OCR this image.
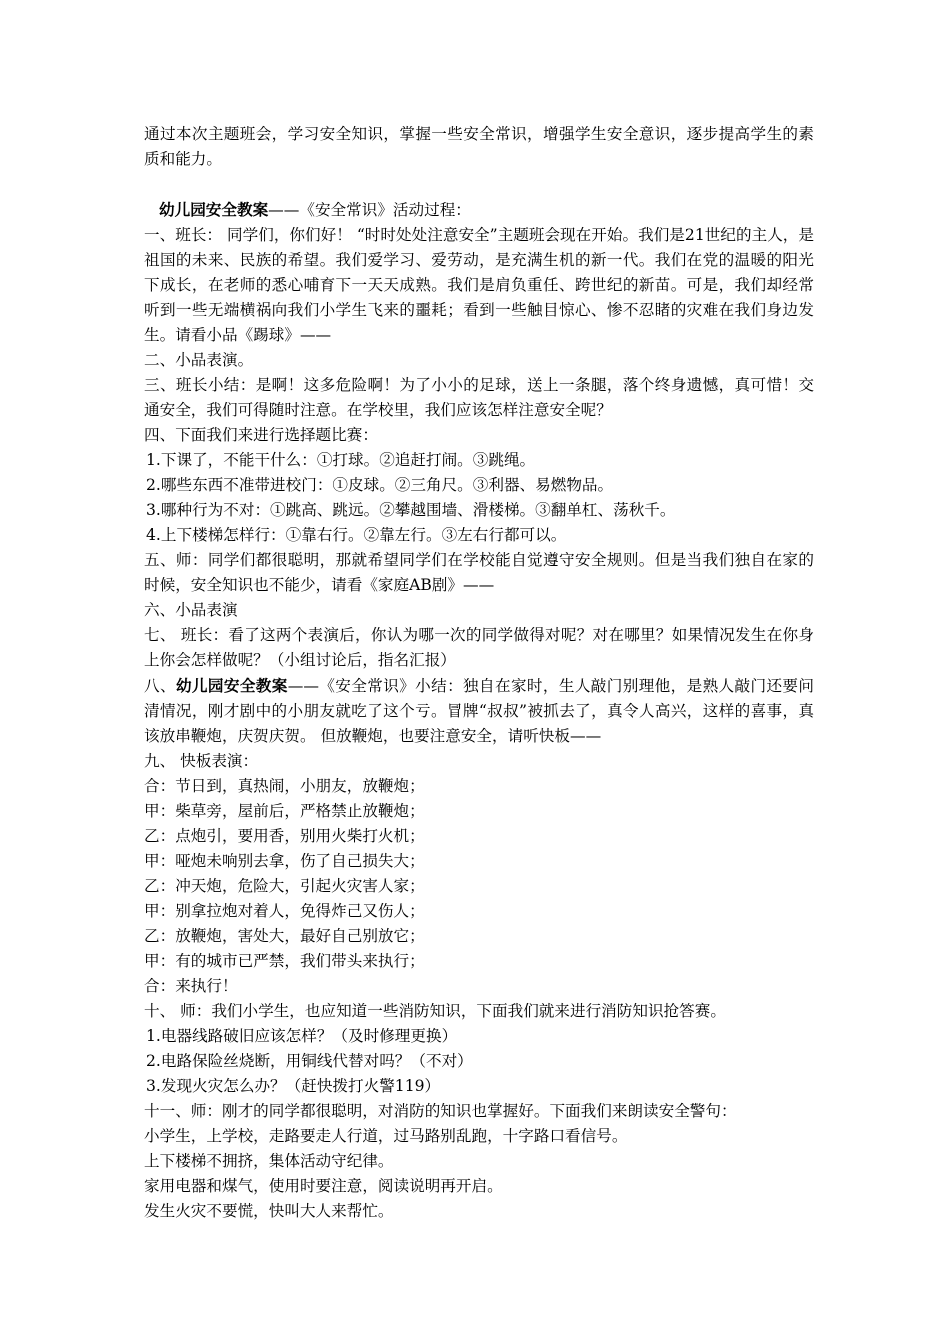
通过本次主题班会，学习安全知识，掌握一些安全常识，增强学生安全意识，逐步提高学生的素质和能力。

幼儿园安全教案——《安全常识》活动过程：

一、班长： 同学们，你们好！ “时时处处注意安全”主题班会现在开始。我们是21世纪的主人，是祖国的未来、民族的希望。我们爱学习、爱劳动，是充满生机的新一代。我们在党的温暖的阳光下成长，在老师的悉心哺育下一天天成熟。我们是肩负重任、跨世纪的新苗。可是，我们却经常听到一些无端横祸向我们小学生飞来的噩耗；看到一些触目惊心、惨不忍睹的灾难在我们身边发生。请看小品《踢球》——

二、小品表演。

三、班长小结：是啊！这多危险啊！为了小小的足球，送上一条腿，落个终身遗憾，真可惜！交通安全，我们可得随时注意。在学校里，我们应该怎样注意安全呢？

四、下面我们来进行选择题比赛：

1.下课了，不能干什么：①打球。②追赶打闹。③跳绳。

2.哪些东西不准带进校门：①皮球。②三角尺。③利器、易燃物品。

3.哪种行为不对：①跳高、跳远。②攀越围墙、滑楼梯。③翻单杠、荡秋千。

4.上下楼梯怎样行：①靠右行。②靠左行。③左右行都可以。

五、师：同学们都很聪明，那就希望同学们在学校能自觉遵守安全规则。但是当我们独自在家的时候，安全知识也不能少，请看《家庭AB剧》——

六、小品表演

七、 班长：看了这两个表演后，你认为哪一次的同学做得对呢？对在哪里？如果情况发生在你身上你会怎样做呢？（小组讨论后，指名汇报）

八、幼儿园安全教案——《安全常识》小结：独自在家时，生人敲门别理他，是熟人敲门还要问清情况，刚才剧中的小朋友就吃了这个亏。冒牌“叔叔”被抓去了，真令人高兴，这样的喜事，真该放串鞭炮，庆贺庆贺。 但放鞭炮，也要注意安全，请听快板——

九、 快板表演：

合：节日到，真热闹，小朋友，放鞭炮；

甲：柴草旁，屋前后，严格禁止放鞭炮；

乙：点炮引，要用香，别用火柴打火机；

甲：哑炮未响别去拿，伤了自己损失大；

乙：冲天炮，危险大，引起火灾害人家；

甲：别拿拉炮对着人，免得炸己又伤人；

乙：放鞭炮，害处大，最好自己别放它；

甲：有的城市已严禁，我们带头来执行；

合：来执行！

十、 师：我们小学生，也应知道一些消防知识，下面我们就来进行消防知识抢答赛。

1.电器线路破旧应该怎样？（及时修理更换）

2.电路保险丝烧断，用铜线代替对吗？（不对）

3.发现火灾怎么办？（赶快拨打火警119）

十一、师：刚才的同学都很聪明，对消防的知识也掌握好。下面我们来朗读安全警句：

小学生，上学校，走路要走人行道，过马路别乱跑，十字路口看信号。

上下楼梯不拥挤，集体活动守纪律。

家用电器和煤气，使用时要注意，阅读说明再开启。

发生火灾不要慌，快叫大人来帮忙。
